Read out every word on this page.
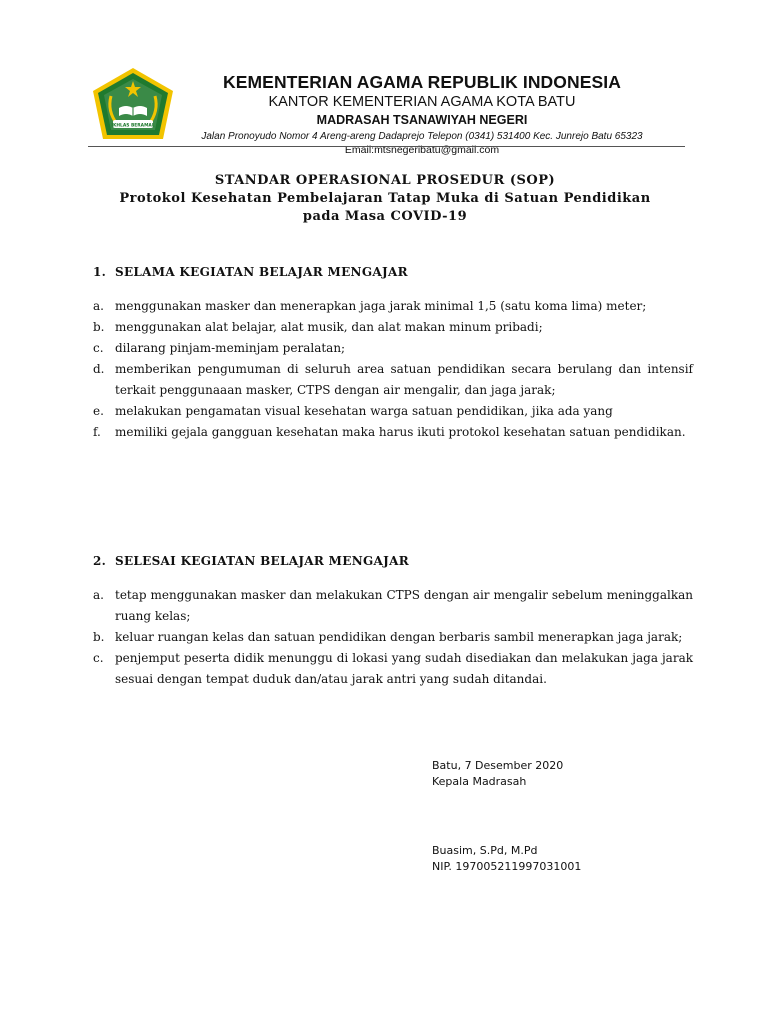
IKHLAS BERAMAL
KEMENTERIAN AGAMA REPUBLIK INDONESIA
KANTOR KEMENTERIAN AGAMA KOTA BATU
MADRASAH TSANAWIYAH NEGERI
Jalan Pronoyudo Nomor 4 Areng-areng Dadaprejo Telepon (0341) 531400 Kec. Junrejo Batu 65323
Email:mtsnegeribatu@gmail.com
STANDAR OPERASIONAL PROSEDUR (SOP)
Protokol Kesehatan Pembelajaran Tatap Muka di Satuan Pendidikan
pada Masa COVID-19
1. SELAMA KEGIATAN BELAJAR MENGAJAR
a. menggunakan masker dan menerapkan jaga jarak minimal 1,5 (satu koma lima) meter;
b. menggunakan alat belajar, alat musik, dan alat makan minum pribadi;
c. dilarang pinjam-meminjam peralatan;
d. memberikan pengumuman di seluruh area satuan pendidikan secara berulang dan intensif terkait penggunaaan masker, CTPS dengan air mengalir, dan jaga jarak;
e. melakukan pengamatan visual kesehatan warga satuan pendidikan, jika ada yang
f. memiliki gejala gangguan kesehatan maka harus ikuti protokol kesehatan satuan pendidikan.
2. SELESAI KEGIATAN BELAJAR MENGAJAR
a. tetap menggunakan masker dan melakukan CTPS dengan air mengalir sebelum meninggalkan ruang kelas;
b. keluar ruangan kelas dan satuan pendidikan dengan berbaris sambil menerapkan jaga jarak;
c. penjemput peserta didik menunggu di lokasi yang sudah disediakan dan melakukan jaga jarak sesuai dengan tempat duduk dan/atau jarak antri yang sudah ditandai.
Batu, 7 Desember 2020
Kepala Madrasah
Buasim, S.Pd, M.Pd
NIP. 197005211997031001
